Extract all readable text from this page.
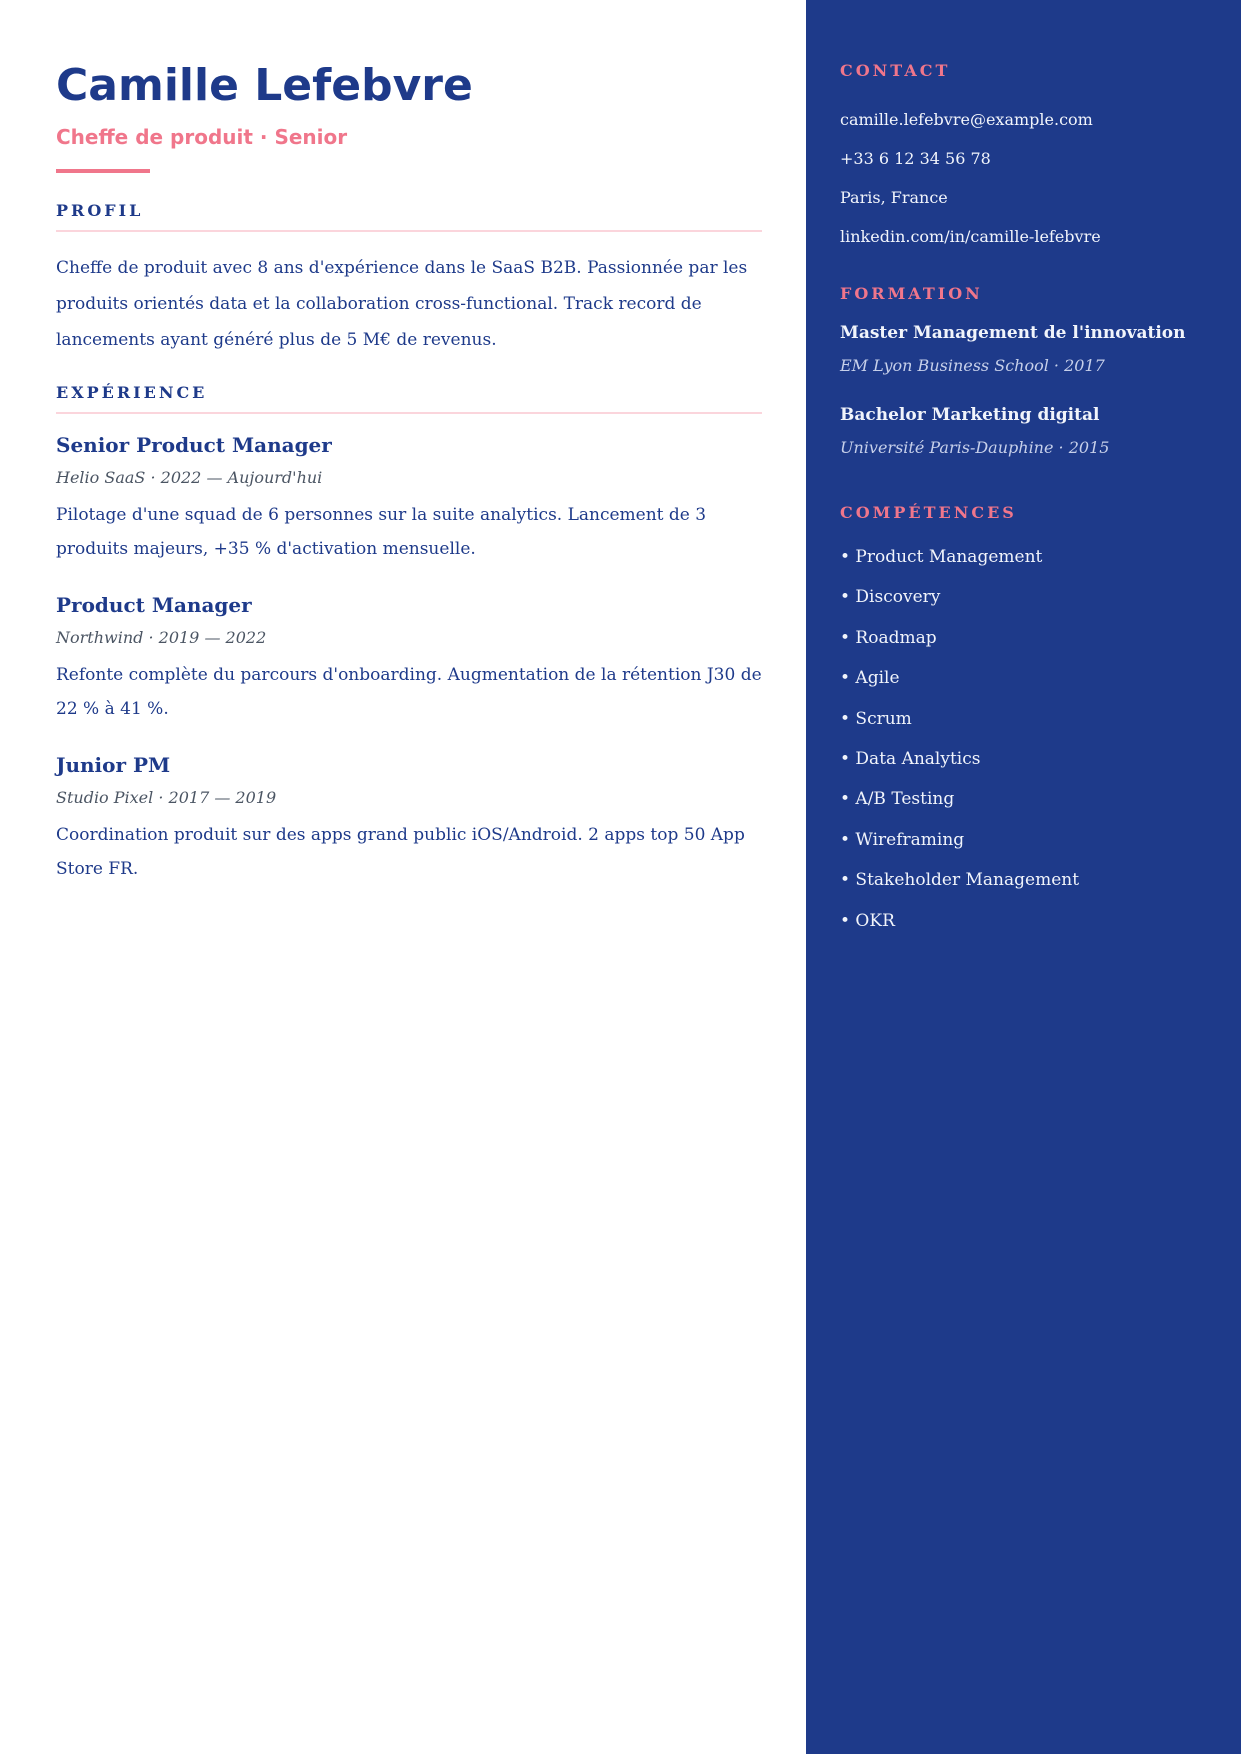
Camille Lefebvre

Cheffe de produit · Senior

PROFIL

Cheffe de produit avec 8 ans d'expérience dans le SaaS B2B. Passionnée par les produits orientés data et la collaboration cross-functional. Track record de lancements ayant généré plus de 5 M€ de revenus.

EXPÉRIENCE
Senior Product Manager

Helio SaaS · 2022 — Aujourd'hui

Pilotage d'une squad de 6 personnes sur la suite analytics. Lancement de 3 produits majeurs, +35 % d'activation mensuelle.

Product Manager

Northwind · 2019 — 2022

Refonte complète du parcours d'onboarding. Augmentation de la rétention J30 de 22 % à 41 %.

Junior PM

Studio Pixel · 2017 — 2019

Coordination produit sur des apps grand public iOS/Android. 2 apps top 50 App Store FR.

CONTACT

camille.lefebvre@example.com

+33 6 12 34 56 78

Paris, France

linkedin.com/in/camille-lefebvre

FORMATION

Master Management de l'innovation

EM Lyon Business School · 2017

Bachelor Marketing digital

Université Paris-Dauphine · 2015

COMPÉTENCES
• Product Management
• Discovery
• Roadmap
• Agile
• Scrum
• Data Analytics
• A/B Testing
• Wireframing
• Stakeholder Management
• OKR
